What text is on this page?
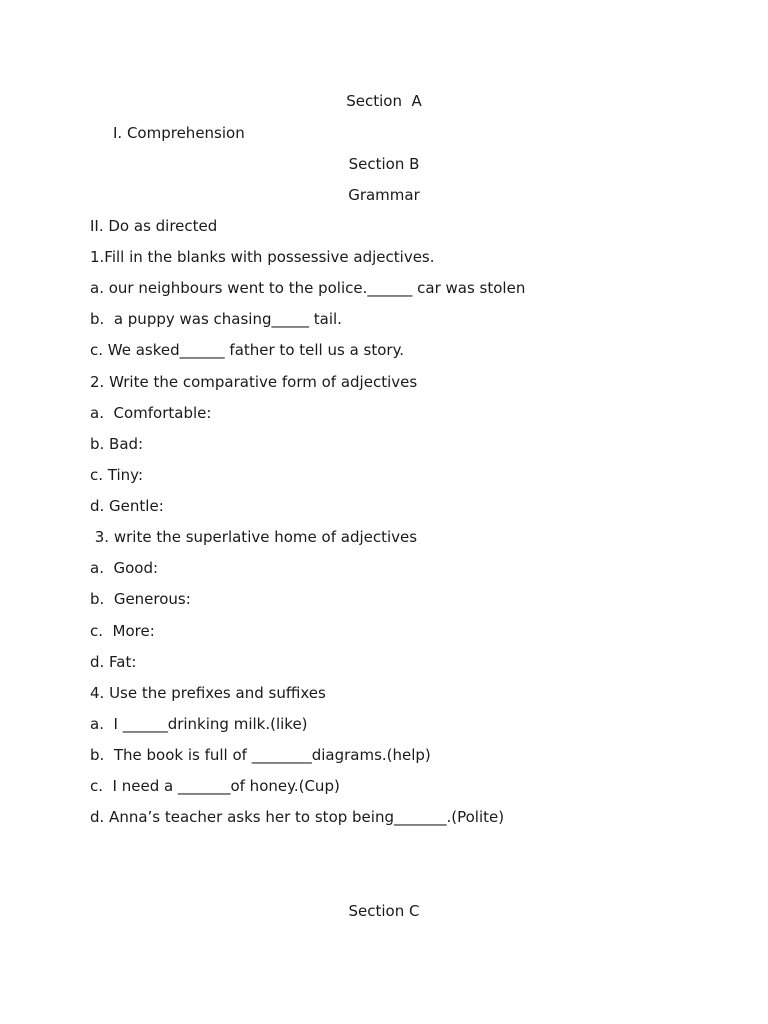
Section  A

I. Comprehension

Section B

Grammar

II. Do as directed

1.Fill in the blanks with possessive adjectives.

a. our neighbours went to the police.______ car was stolen

b.  a puppy was chasing_____ tail.

c. We asked______ father to tell us a story.

2. Write the comparative form of adjectives

a.  Comfortable:

b. Bad:

c. Tiny:

d. Gentle:

3. write the superlative home of adjectives

a.  Good:

b.  Generous:

c.  More:

d. Fat:

4. Use the prefixes and suffixes

a.  I ______drinking milk.(like)

b.  The book is full of ________diagrams.(help)

c.  I need a _______of honey.(Cup)

d. Anna’s teacher asks her to stop being_______.(Polite)

Section C
